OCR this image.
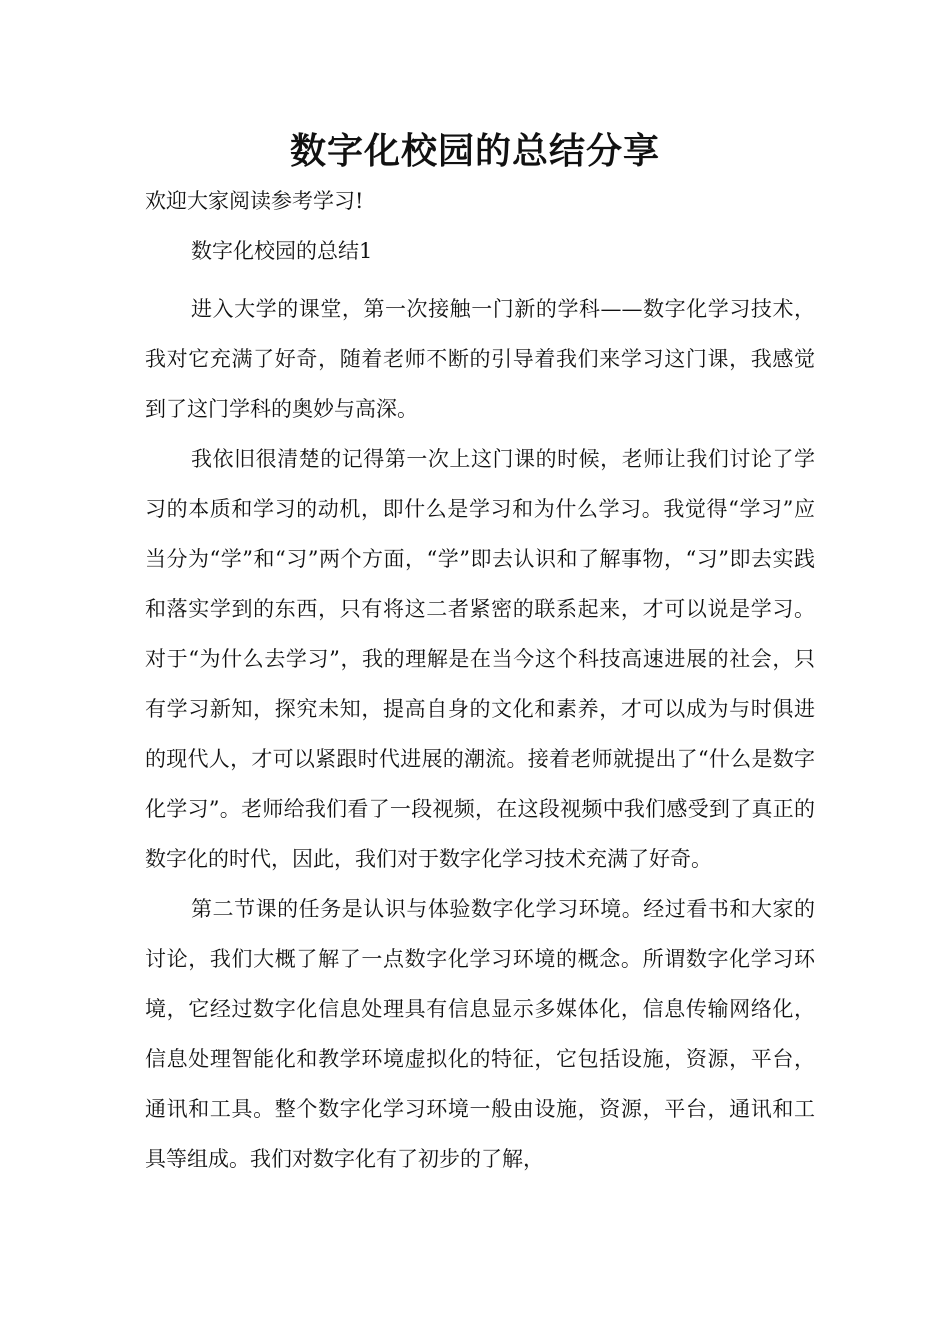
数字化校园的总结分享

欢迎大家阅读参考学习!

数字化校园的总结1

进入大学的课堂，第一次接触一门新的学科——数字化学习技术，我对它充满了好奇，随着老师不断的引导着我们来学习这门课，我感觉到了这门学科的奥妙与高深。

我依旧很清楚的记得第一次上这门课的时候，老师让我们讨论了学习的本质和学习的动机，即什么是学习和为什么学习。我觉得“学习”应当分为“学”和“习”两个方面，“学”即去认识和了解事物，“习”即去实践和落实学到的东西，只有将这二者紧密的联系起来，才可以说是学习。对于“为什么去学习”，我的理解是在当今这个科技高速进展的社会，只有学习新知，探究未知，提高自身的文化和素养，才可以成为与时俱进的现代人，才可以紧跟时代进展的潮流。接着老师就提出了“什么是数字化学习”。老师给我们看了一段视频，在这段视频中我们感受到了真正的数字化的时代，因此，我们对于数字化学习技术充满了好奇。

第二节课的任务是认识与体验数字化学习环境。经过看书和大家的讨论，我们大概了解了一点数字化学习环境的概念。所谓数字化学习环境，它经过数字化信息处理具有信息显示多媒体化，信息传输网络化，信息处理智能化和教学环境虚拟化的特征，它包括设施，资源，平台，通讯和工具。整个数字化学习环境一般由设施，资源，平台，通讯和工具等组成。我们对数字化有了初步的了解，
